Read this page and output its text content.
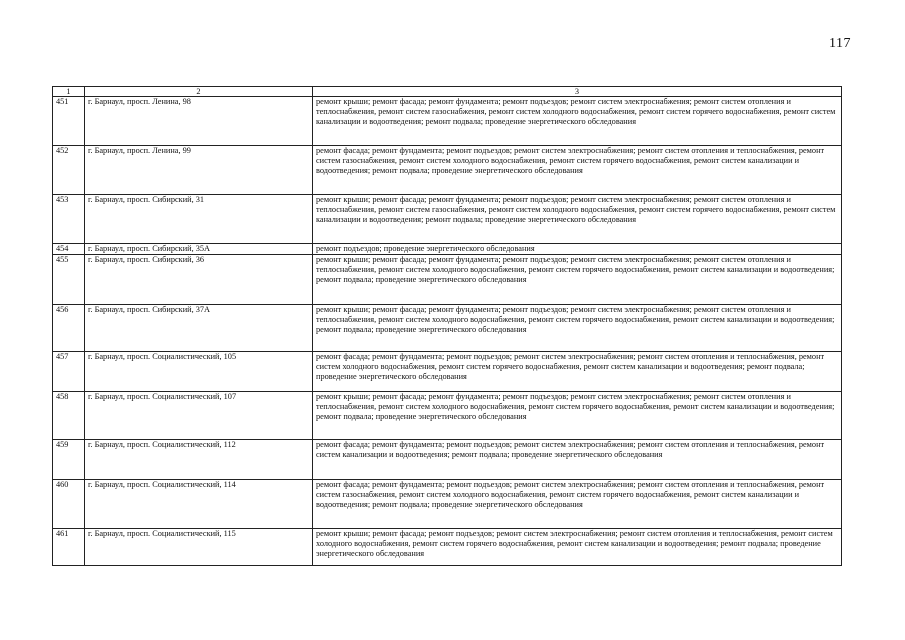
117
1	2	3
451	г. Барнаул, просп. Ленина, 98	ремонт крыши; ремонт фасада; ремонт фундамента; ремонт подъездов; ремонт систем электроснабжения; ремонт систем отопления и теплоснабжения, ремонт систем газоснабжения, ремонт систем холодного водоснабжения, ремонт систем горячего водоснабжения, ремонт систем канализации и водоотведения; ремонт подвала; проведение энергетического обследования
452	г. Барнаул, просп. Ленина, 99	ремонт фасада; ремонт фундамента; ремонт подъездов; ремонт систем электроснабжения; ремонт систем отопления и теплоснабжения, ремонт систем газоснабжения, ремонт систем холодного водоснабжения, ремонт систем горячего водоснабжения, ремонт систем канализации и водоотведения; ремонт подвала; проведение энергетического обследования
453	г. Барнаул, просп. Сибирский, 31	ремонт крыши; ремонт фасада; ремонт фундамента; ремонт подъездов; ремонт систем электроснабжения; ремонт систем отопления и теплоснабжения, ремонт систем газоснабжения, ремонт систем холодного водоснабжения, ремонт систем горячего водоснабжения, ремонт систем канализации и водоотведения; ремонт подвала; проведение энергетического обследования
454	г. Барнаул, просп. Сибирский, 35А	ремонт подъездов; проведение энергетического обследования
455	г. Барнаул, просп. Сибирский, 36	ремонт крыши; ремонт фасада; ремонт фундамента; ремонт подъездов; ремонт систем электроснабжения; ремонт систем отопления и теплоснабжения, ремонт систем холодного водоснабжения, ремонт систем горячего водоснабжения, ремонт систем канализации и водоотведения; ремонт подвала; проведение энергетического обследования
456	г. Барнаул, просп. Сибирский, 37А	ремонт крыши; ремонт фасада; ремонт фундамента; ремонт подъездов; ремонт систем электроснабжения; ремонт систем отопления и теплоснабжения, ремонт систем холодного водоснабжения, ремонт систем горячего водоснабжения, ремонт систем канализации и водоотведения; ремонт подвала; проведение энергетического обследования
457	г. Барнаул, просп. Социалистический, 105	ремонт фасада; ремонт фундамента; ремонт подъездов; ремонт систем электроснабжения; ремонт систем отопления и теплоснабжения, ремонт систем холодного водоснабжения, ремонт систем горячего водоснабжения, ремонт систем канализации и водоотведения; ремонт подвала; проведение энергетического обследования
458	г. Барнаул, просп. Социалистический, 107	ремонт крыши; ремонт фасада; ремонт фундамента; ремонт подъездов; ремонт систем электроснабжения; ремонт систем отопления и теплоснабжения, ремонт систем холодного водоснабжения, ремонт систем горячего водоснабжения, ремонт систем канализации и водоотведения; ремонт подвала; проведение энергетического обследования
459	г. Барнаул, просп. Социалистический, 112	ремонт фасада; ремонт фундамента; ремонт подъездов; ремонт систем электроснабжения; ремонт систем отопления и теплоснабжения, ремонт систем канализации и водоотведения; ремонт подвала; проведение энергетического обследования
460	г. Барнаул, просп. Социалистический, 114	ремонт фасада; ремонт фундамента; ремонт подъездов; ремонт систем электроснабжения; ремонт систем отопления и теплоснабжения, ремонт систем газоснабжения, ремонт систем холодного водоснабжения, ремонт систем горячего водоснабжения, ремонт систем канализации и водоотведения; ремонт подвала; проведение энергетического обследования
461	г. Барнаул, просп. Социалистический, 115	ремонт крыши; ремонт фасада; ремонт подъездов; ремонт систем электроснабжения; ремонт систем отопления и теплоснабжения, ремонт систем холодного водоснабжения, ремонт систем горячего водоснабжения, ремонт систем канализации и водоотведения; ремонт подвала; проведение энергетического обследования
